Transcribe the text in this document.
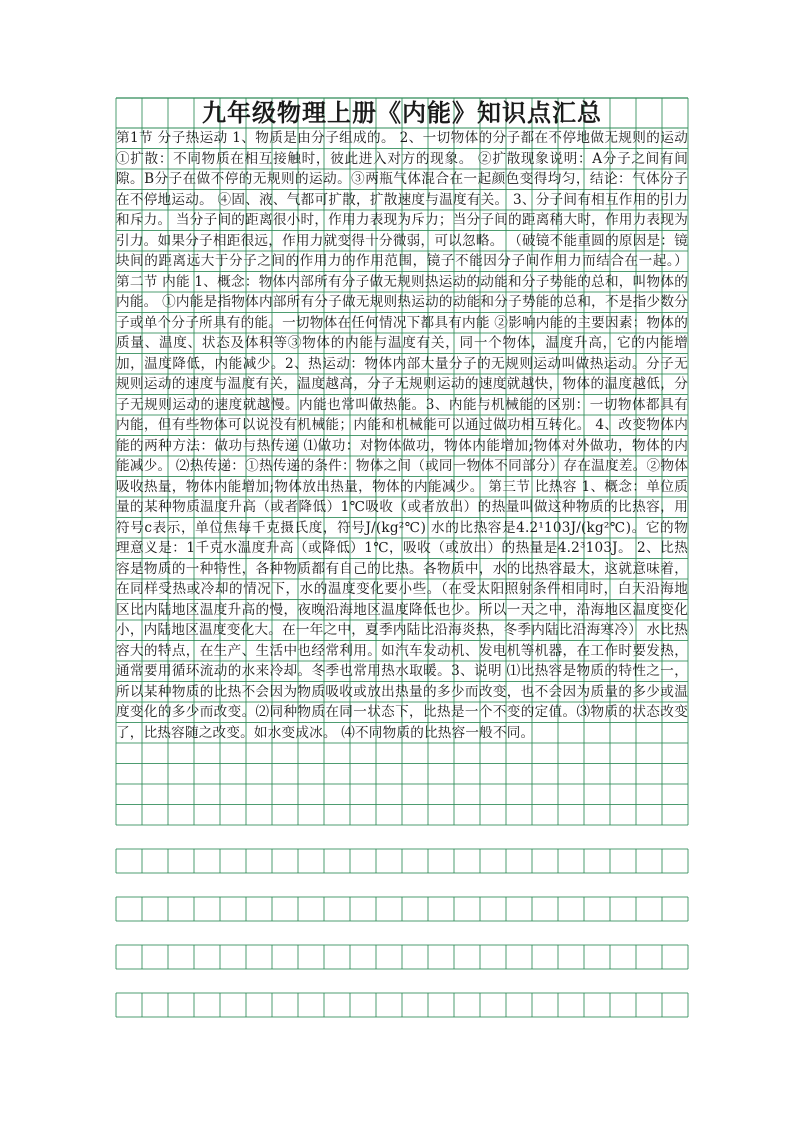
九年级物理上册《内能》知识点汇总

第1节 分子热运动 1、物质是由分子组成的。 2、一切物体的分子都在不停地做无规则的运动 ①扩散：不同物质在相互接触时，彼此进入对方的现象。 ②扩散现象说明：A分子之间有间隙。B分子在做不停的无规则的运动。③两瓶气体混合在一起颜色变得均匀，结论：气体分子在不停地运动。 ④固、液、气都可扩散，扩散速度与温度有关。 3、分子间有相互作用的引力和斥力。 当分子间的距离很小时，作用力表现为斥力；当分子间的距离稍大时，作用力表现为引力。如果分子相距很远，作用力就变得十分微弱，可以忽略。 （破镜不能重圆的原因是：镜块间的距离远大于分子之间的作用力的作用范围，镜子不能因分子间作用力而结合在一起。） 第二节 内能 1、概念：物体内部所有分子做无规则热运动的动能和分子势能的总和，叫物体的内能。 ①内能是指物体内部所有分子做无规则热运动的动能和分子势能的总和，不是指少数分子或单个分子所具有的能。一切物体在任何情况下都具有内能 ②影响内能的主要因素：物体的质量、温度、状态及体积等③物体的内能与温度有关，同一个物体，温度升高，它的内能增加，温度降低，内能减少。2、热运动：物体内部大量分子的无规则运动叫做热运动。分子无规则运动的速度与温度有关，温度越高，分子无规则运动的速度就越快，物体的温度越低，分子无规则运动的速度就越慢。内能也常叫做热能。3、内能与机械能的区别：一切物体都具有内能，但有些物体可以说没有机械能；内能和机械能可以通过做功相互转化。 4、改变物体内能的两种方法：做功与热传递 ⑴做功：对物体做功，物体内能增加;物体对外做功，物体的内能减少。 ⑵热传递：①热传递的条件：物体之间（或同一物体不同部分）存在温度差。②物体吸收热量，物体内能增加;物体放出热量，物体的内能减少。 第三节 比热容 1、概念：单位质量的某种物质温度升高（或者降低）1℃吸收（或者放出）的热量叫做这种物质的比热容，用符号c表示，单位焦每千克摄氏度，符号J/(kg²℃) 水的比热容是4.2¹103J/(kg²℃)。它的物理意义是：1千克水温度升高（或降低）1℃，吸收（或放出）的热量是4.2³103J。 2、比热容是物质的一种特性，各种物质都有自己的比热。各物质中，水的比热容最大，这就意味着，在同样受热或冷却的情况下，水的温度变化要小些。（在受太阳照射条件相同时，白天沿海地区比内陆地区温度升高的慢，夜晚沿海地区温度降低也少。所以一天之中，沿海地区温度变化小，内陆地区温度变化大。在一年之中，夏季内陆比沿海炎热，冬季内陆比沿海寒冷） 水比热容大的特点，在生产、生活中也经常利用。如汽车发动机、发电机等机器，在工作时要发热，通常要用循环流动的水来冷却。冬季也常用热水取暖。3、说明 ⑴比热容是物质的特性之一，所以某种物质的比热不会因为物质吸收或放出热量的多少而改变，也不会因为质量的多少或温度变化的多少而改变。⑵同种物质在同一状态下，比热是一个不变的定值。⑶物质的状态改变了，比热容随之改变。如水变成冰。 ⑷不同物质的比热容一般不同。
